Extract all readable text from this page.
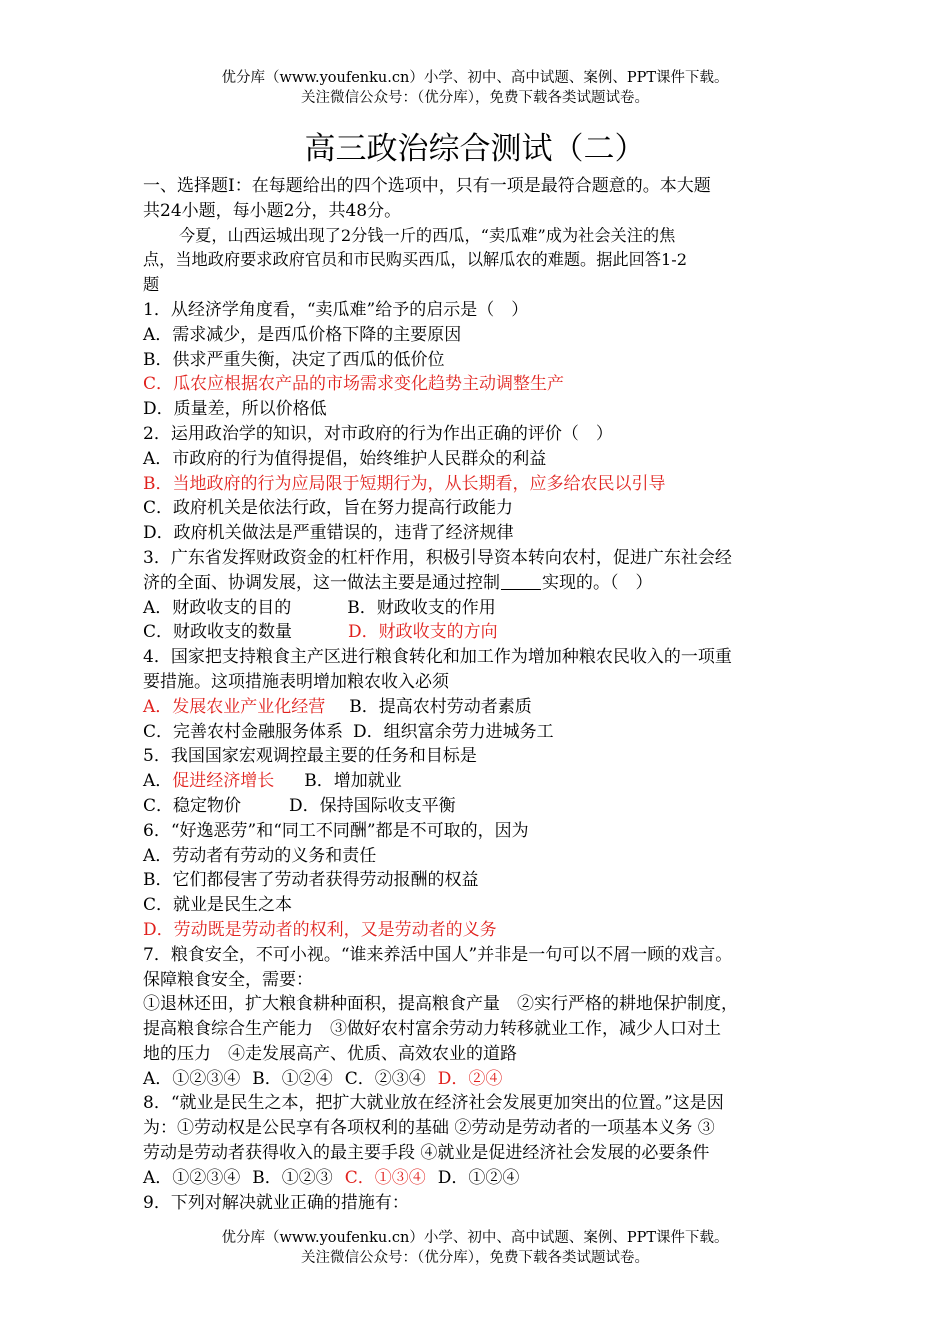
优分库（www.youfenku.cn）小学、初中、高中试题、案例、PPT课件下载。
关注微信公众号：（优分库），免费下载各类试题试卷。
高三政治综合测试（二）
一、选择题Ⅰ：在每题给出的四个选项中，只有一项是最符合题意的。本大题
共24小题，每小题2分，共48分。
今夏，山西运城出现了2分钱一斤的西瓜，“卖瓜难”成为社会关注的焦
点，当地政府要求政府官员和市民购买西瓜，以解瓜农的难题。据此回答1-2
题
1．从经济学角度看，“卖瓜难”给予的启示是（　）
A．需求减少，是西瓜价格下降的主要原因
B．供求严重失衡，决定了西瓜的低价位
C．瓜农应根据农产品的市场需求变化趋势主动调整生产
D．质量差，所以价格低
2．运用政治学的知识，对市政府的行为作出正确的评价（　）
A．市政府的行为值得提倡，始终维护人民群众的利益
B．当地政府的行为应局限于短期行为，从长期看，应多给农民以引导
C．政府机关是依法行政，旨在努力提高行政能力
D．政府机关做法是严重错误的，违背了经济规律
3．广东省发挥财政资金的杠杆作用，积极引导资本转向农村，促进广东社会经
济的全面、协调发展，这一做法主要是通过控制 实现的。（　）
A．财政收支的目的	B．财政收支的作用
C．财政收支的数量	D．财政收支的方向
4．国家把支持粮食主产区进行粮食转化和加工作为增加种粮农民收入的一项重
要措施。这项措施表明增加粮农收入必须
A．发展农业产业化经营 B．提高农村劳动者素质
C．完善农村金融服务体系 D．组织富余劳力进城务工
5．我国国家宏观调控最主要的任务和目标是
A．促进经济增长 B．增加就业
C．稳定物价	D．保持国际收支平衡
6．“好逸恶劳”和“同工不同酬”都是不可取的，因为
A．劳动者有劳动的义务和责任
B．它们都侵害了劳动者获得劳动报酬的权益
C．就业是民生之本
D．劳动既是劳动者的权利，又是劳动者的义务
7．粮食安全，不可小视。“谁来养活中国人”并非是一句可以不屑一顾的戏言。
保障粮食安全，需要：
①退林还田，扩大粮食耕种面积，提高粮食产量　②实行严格的耕地保护制度，
提高粮食综合生产能力　③做好农村富余劳动力转移就业工作，减少人口对土
地的压力　④走发展高产、优质、高效农业的道路
A．①②③④ B．①②④ C．②③④ D．②④
8．“就业是民生之本，把扩大就业放在经济社会发展更加突出的位置。”这是因
为：①劳动权是公民享有各项权利的基础 ②劳动是劳动者的一项基本义务 ③
劳动是劳动者获得收入的最主要手段 ④就业是促进经济社会发展的必要条件
A．①②③④ B．①②③ C．①③④ D．①②④
9．下列对解决就业正确的措施有：
优分库（www.youfenku.cn）小学、初中、高中试题、案例、PPT课件下载。
关注微信公众号：（优分库），免费下载各类试题试卷。
